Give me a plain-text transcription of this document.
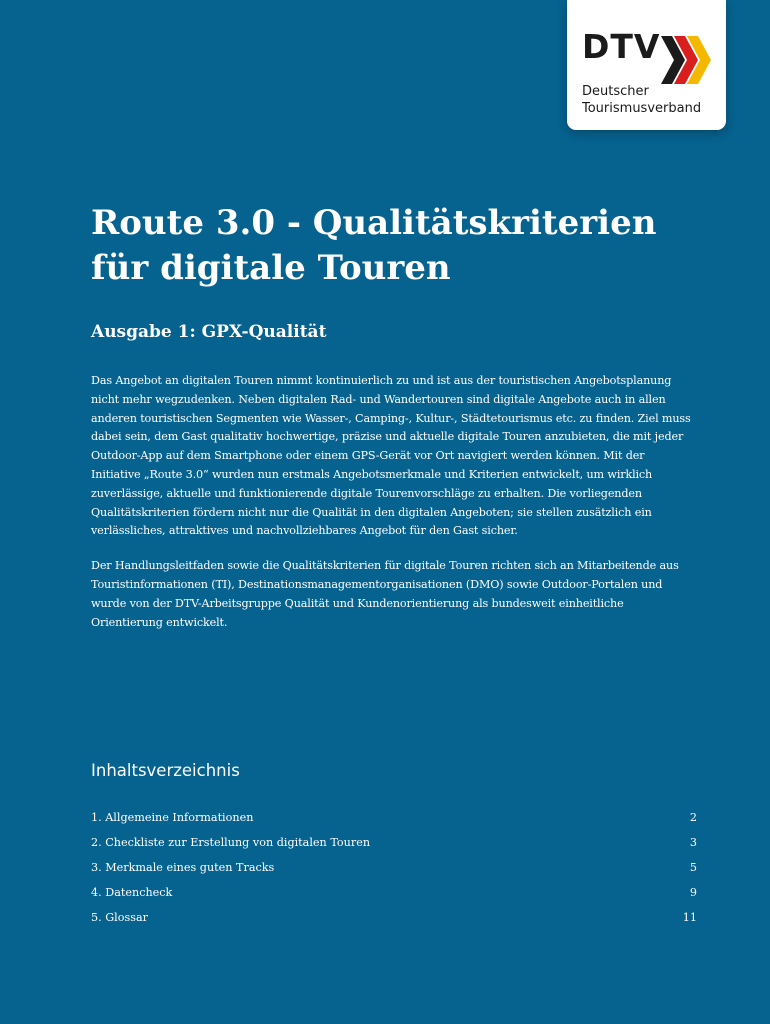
DTV
Deutscher
Tourismusverband
Route 3.0 - Qualitätskriterien für digitale Touren
Ausgabe 1: GPX-Qualität

Das Angebot an digitalen Touren nimmt kontinuierlich zu und ist aus der touristischen Angebotsplanung nicht mehr wegzudenken. Neben digitalen Rad- und Wandertouren sind digitale Angebote auch in allen anderen touristischen Segmenten wie Wasser-, Camping-, Kultur-, Städtetourismus etc. zu finden. Ziel muss dabei sein, dem Gast qualitativ hochwertige, präzise und aktuelle digitale Touren anzubieten, die mit jeder Outdoor-App auf dem Smartphone oder einem GPS-Gerät vor Ort navigiert werden können. Mit der Initiative „Route 3.0“ wurden nun erstmals Angebotsmerkmale und Kriterien entwickelt, um wirklich zuverlässige, aktuelle und funktionierende digitale Tourenvorschläge zu erhalten. Die vorliegenden Qualitätskriterien fördern nicht nur die Qualität in den digitalen Angeboten; sie stellen zusätzlich ein verlässliches, attraktives und nachvollziehbares Angebot für den Gast sicher.

Der Handlungsleitfaden sowie die Qualitätskriterien für digitale Touren richten sich an Mitarbeitende aus Touristinformationen (TI), Destinationsmanagementorganisationen (DMO) sowie Outdoor-Portalen und wurde von der DTV-Arbeitsgruppe Qualität und Kundenorientierung als bundesweit einheitliche Orientierung entwickelt.

Inhaltsverzeichnis
1. Allgemeine Informationen	2
2. Checkliste zur Erstellung von digitalen Touren	3
3. Merkmale eines guten Tracks	5
4. Datencheck	9
5. Glossar	11
